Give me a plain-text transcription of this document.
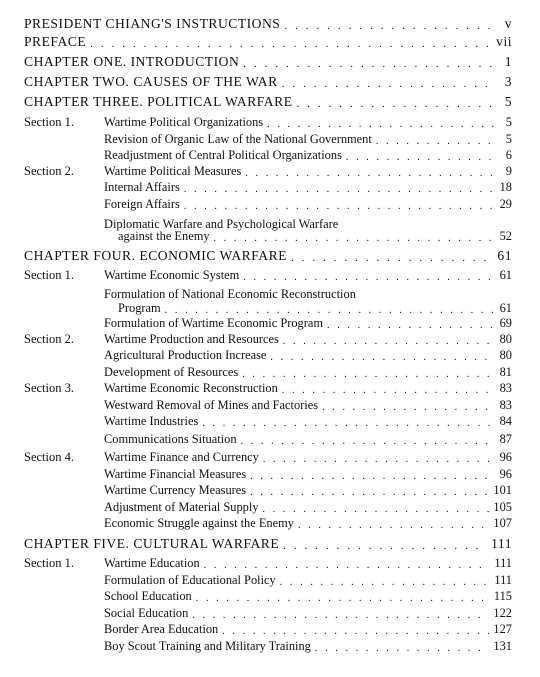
PRESIDENT CHIANG'S INSTRUCTIONS . . .	v
PREFACE . . .	vii
CHAPTER ONE. INTRODUCTION . . .	1
CHAPTER TWO. CAUSES OF THE WAR . . .	3
CHAPTER THREE. POLITICAL WARFARE . . .	5
Section 1.	Wartime Political Organizations . . .	5
Revision of Organic Law of the National Government . . .	5
Readjustment of Central Political Organizations . . .	6
Section 2.	Wartime Political Measures . . .	9
Internal Affairs . . .	18
Foreign Affairs . . .	29
Diplomatic Warfare and Psychological Warfare
against the Enemy . . .	52
CHAPTER FOUR. ECONOMIC WARFARE . . .	61
Section 1.	Wartime Economic System . . .	61
Formulation of National Economic Reconstruction
Program . . .	61
Formulation of Wartime Economic Program . . .	69
Section 2.	Wartime Production and Resources . . .	80
Agricultural Production Increase . . .	80
Development of Resources . . .	81
Section 3.	Wartime Economic Reconstruction . . .	83
Westward Removal of Mines and Factories . . .	83
Wartime Industries . . .	84
Communications Situation . . .	87
Section 4.	Wartime Finance and Currency . . .	96
Wartime Financial Measures . . .	96
Wartime Currency Measures . . .	101
Adjustment of Material Supply . . .	105
Economic Struggle against the Enemy . . .	107
CHAPTER FIVE. CULTURAL WARFARE . . .	111
Section 1.	Wartime Education . . .	111
Formulation of Educational Policy . . .	111
School Education . . .	115
Social Education . . .	122
Border Area Education . . .	127
Boy Scout Training and Military Training . . .	131
